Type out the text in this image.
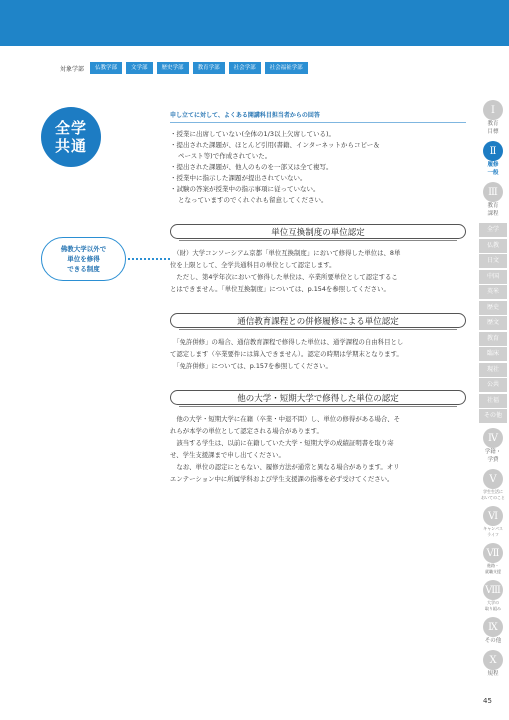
対象学部	仏教学部	文学部	歴史学部	教育学部	社会学部	社会福祉学部
全学
共通
佛教大学以外で
単位を修得
できる制度
申し立てに対して、よくある開講科目担当者からの回答
・授業に出席していない(全体の1/3以上欠席している)。
・提出された課題が、ほとんど引用(書籍、インターネットからコピー＆
ペースト等)で作成されていた。
・提出された課題が、他人のものを一部又は全て複写。
・授業中に指示した課題が提出されていない。
・試験の答案が授業中の指示事項に従っていない。
となっていますのでくれぐれも留意してください。
単位互換制度の単位認定
　（財）大学コンソーシアム京都「単位互換制度」において修得した単位は、8単
位を上限として、全学共通科目の単位として認定します。
　ただし、第4学年次において修得した単位は、卒業所要単位として認定するこ
とはできません。「単位互換制度」については、p.154を参照してください。
通信教育課程との併修履修による単位認定
　「免許併修」の場合、通信教育課程で修得した単位は、通学課程の自由科目とし
て認定します（卒業要件には算入できません）。認定の時期は学期末となります。
　「免許併修」については、p.157を参照してください。
他の大学・短期大学で修得した単位の認定
　他の大学・短期大学に在籍（卒業・中退不問）し、単位の修得がある場合、そ
れらが本学の単位として認定される場合があります。
　該当する学生は、以前に在籍していた大学・短期大学の成績証明書を取り寄
せ、学生支援課まで申し出てください。
　なお、単位の認定にともない、履修方法が通常と異なる場合があります。オリ
エンテーション中に所属学科および学生支援課の指導を必ず受けてください。
Ⅰ
教育
目標
Ⅱ
履修
一般
Ⅲ
教育
課程
全学
仏教
日文
中国
英米
歴史
歴文
教育
臨床
現社
公共
社福
その他
Ⅳ
学籍・
学費
Ⅴ
学生生活に
おいてのこと
Ⅵ
キャンパス
ライフ
Ⅶ
進路・
就職支援
Ⅷ
大学の
取り組み
Ⅸ
その他
Ⅹ
規程
45
